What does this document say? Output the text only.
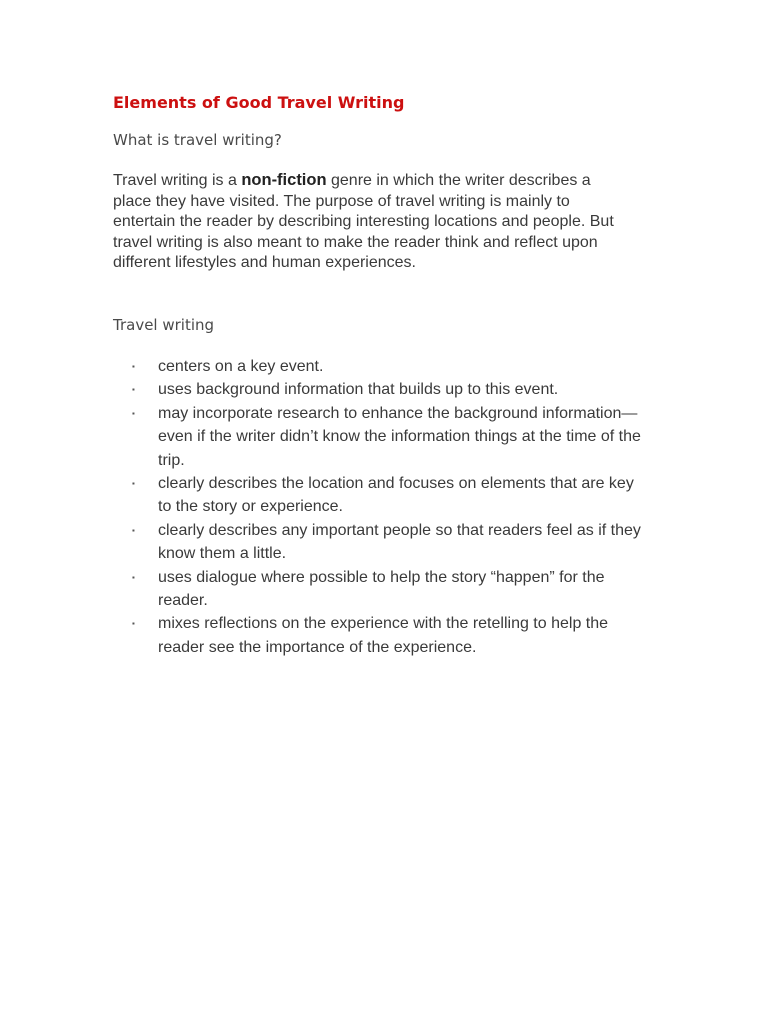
Elements of Good Travel Writing
What is travel writing?

Travel writing is a non-fiction genre in which the writer describes a place they have visited. The purpose of travel writing is mainly to entertain the reader by describing interesting locations and people. But travel writing is also meant to make the reader think and reflect upon different lifestyles and human experiences.

Travel writing
▪ centers on a key event.
▪ uses background information that builds up to this event.
▪ may incorporate research to enhance the background information— even if the writer didn’t know the information things at the time of the trip.
▪ clearly describes the location and focuses on elements that are key to the story or experience.
▪ clearly describes any important people so that readers feel as if they know them a little.
▪ uses dialogue where possible to help the story “happen” for the reader.
▪ mixes reflections on the experience with the retelling to help the reader see the importance of the experience.
